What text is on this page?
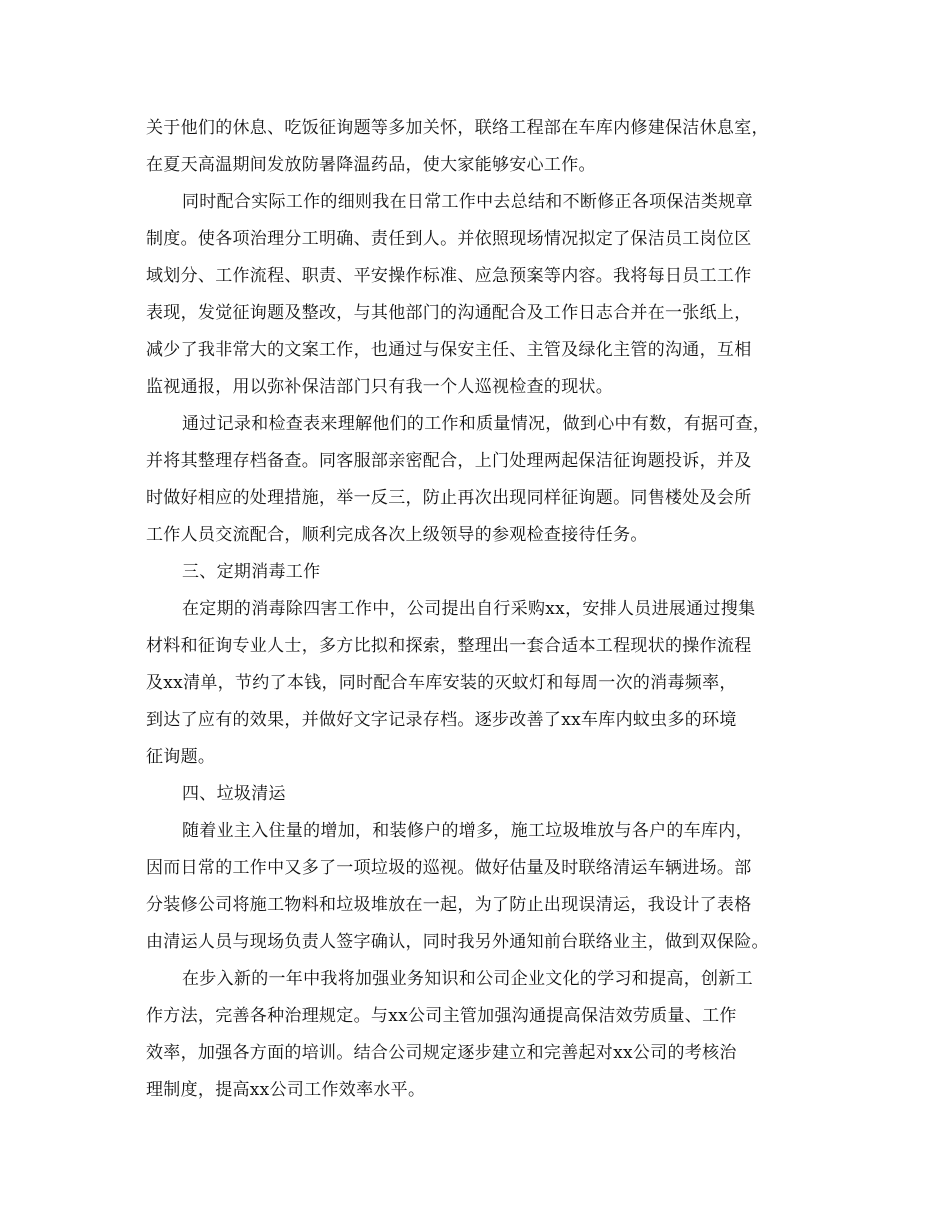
关于他们的休息、吃饭征询题等多加关怀，联络工程部在车库内修建保洁休息室，
在夏天高温期间发放防暑降温药品，使大家能够安心工作。
同时配合实际工作的细则我在日常工作中去总结和不断修正各项保洁类规章
制度。使各项治理分工明确、责任到人。并依照现场情况拟定了保洁员工岗位区
域划分、工作流程、职责、平安操作标准、应急预案等内容。我将每日员工工作
表现，发觉征询题及整改，与其他部门的沟通配合及工作日志合并在一张纸上，
减少了我非常大的文案工作，也通过与保安主任、主管及绿化主管的沟通，互相
监视通报，用以弥补保洁部门只有我一个人巡视检查的现状。
通过记录和检查表来理解他们的工作和质量情况，做到心中有数，有据可查，
并将其整理存档备查。同客服部亲密配合，上门处理两起保洁征询题投诉，并及
时做好相应的处理措施，举一反三，防止再次出现同样征询题。同售楼处及会所
工作人员交流配合，顺利完成各次上级领导的参观检查接待任务。
三、定期消毒工作
在定期的消毒除四害工作中，公司提出自行采购xx，安排人员进展通过搜集
材料和征询专业人士，多方比拟和探索，整理出一套合适本工程现状的操作流程
及xx清单，节约了本钱，同时配合车库安装的灭蚊灯和每周一次的消毒频率，
到达了应有的效果，并做好文字记录存档。逐步改善了xx车库内蚊虫多的环境
征询题。
四、垃圾清运
随着业主入住量的增加，和装修户的增多，施工垃圾堆放与各户的车库内，
因而日常的工作中又多了一项垃圾的巡视。做好估量及时联络清运车辆进场。部
分装修公司将施工物料和垃圾堆放在一起，为了防止出现误清运，我设计了表格
由清运人员与现场负责人签字确认，同时我另外通知前台联络业主，做到双保险。
在步入新的一年中我将加强业务知识和公司企业文化的学习和提高，创新工
作方法，完善各种治理规定。与xx公司主管加强沟通提高保洁效劳质量、工作
效率，加强各方面的培训。结合公司规定逐步建立和完善起对xx公司的考核治
理制度，提高xx公司工作效率水平。
